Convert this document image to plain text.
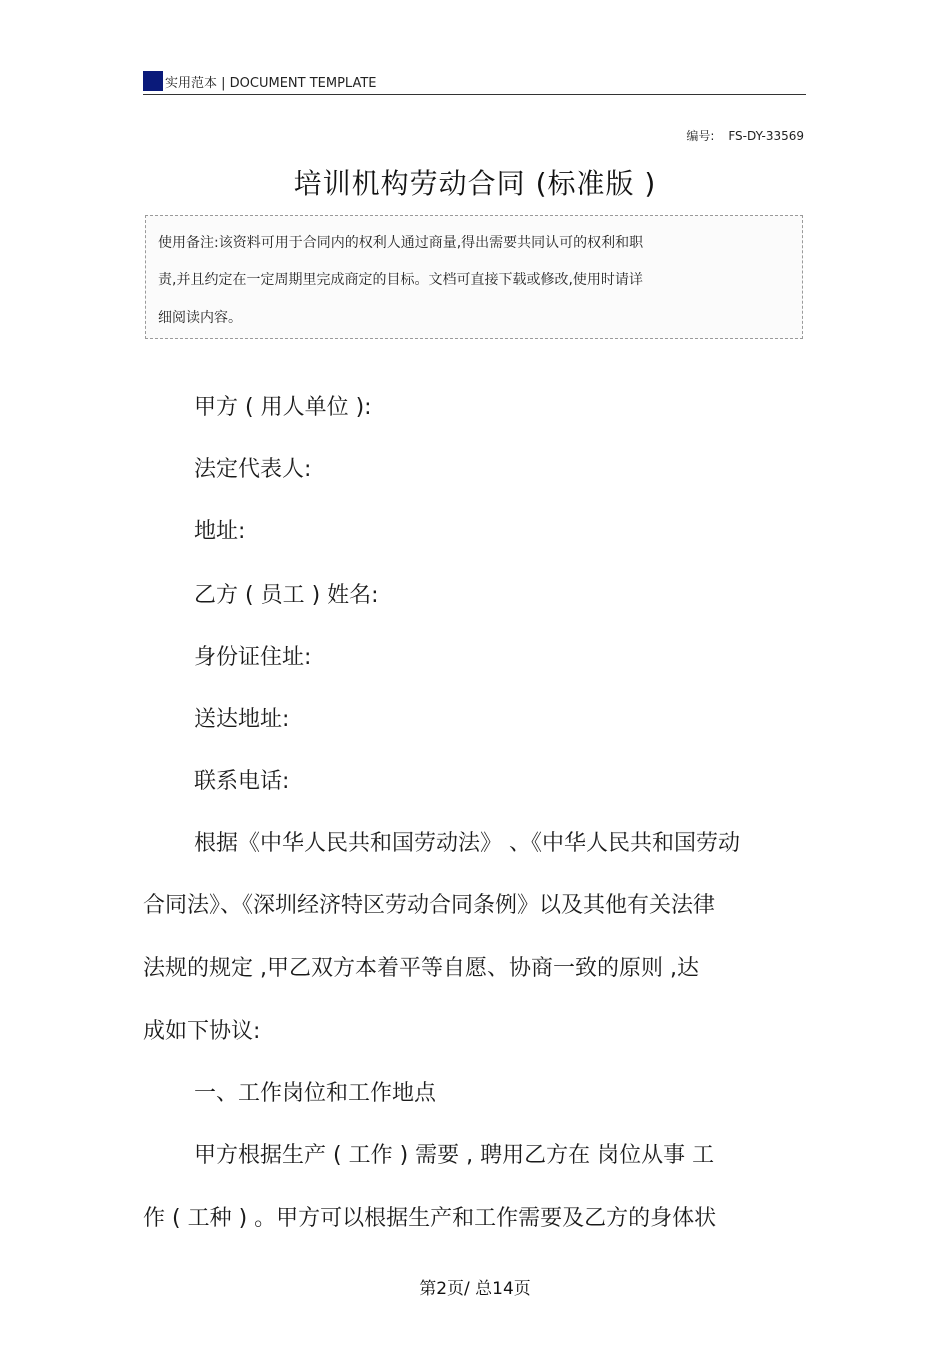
实用范本 | DOCUMENT TEMPLATE
编号: FS-DY-33569
培训机构劳动合同 (标准版 )

使用备注:该资料可用于合同内的权利人通过商量,得出需要共同认可的权利和职

责,并且约定在一定周期里完成商定的目标。文档可直接下载或修改,使用时请详

细阅读内容。

甲方 ( 用人单位 ):

法定代表人:

地址:

乙方 ( 员工 ) 姓名:

身份证住址:

送达地址:

联系电话:

根据《中华人民共和国劳动法》 、《中华人民共和国劳动

合同法》、《深圳经济特区劳动合同条例》以及其他有关法律

法规的规定 ,甲乙双方本着平等自愿、协商一致的原则 ,达

成如下协议:

一、工作岗位和工作地点

甲方根据生产 ( 工作 ) 需要 , 聘用乙方在 岗位从事 工

作 ( 工种 ) 。甲方可以根据生产和工作需要及乙方的身体状

第2页/ 总14页
